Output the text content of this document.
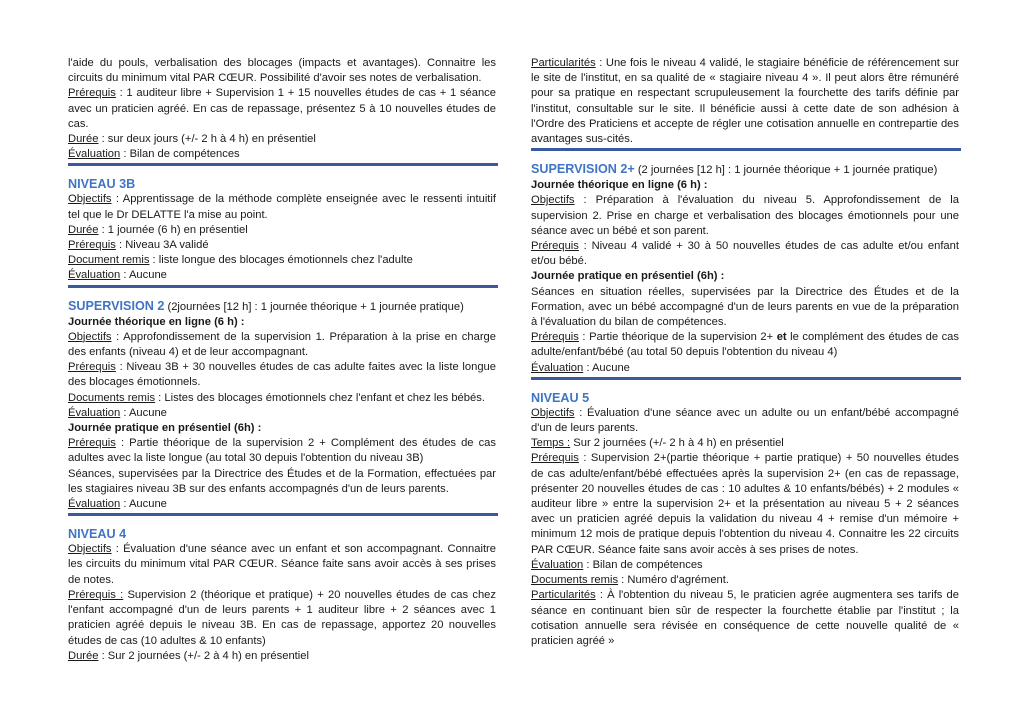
l'aide du pouls, verbalisation des blocages (impacts et avantages). Connaitre les circuits du minimum vital PAR CŒUR. Possibilité d'avoir ses notes de verbalisation.

Prérequis : 1 auditeur libre + Supervision 1 + 15 nouvelles études de cas + 1 séance avec un praticien agréé. En cas de repassage, présentez 5 à 10 nouvelles études de cas.

Durée : sur deux jours (+/- 2 h à 4 h) en présentiel

Évaluation : Bilan de compétences

NIVEAU 3B

Objectifs : Apprentissage de la méthode complète enseignée avec le ressenti intuitif tel que le Dr DELATTE l'a mise au point.

Durée : 1 journée (6 h) en présentiel

Prérequis : Niveau 3A validé

Document remis : liste longue des blocages émotionnels chez l'adulte

Évaluation : Aucune

SUPERVISION 2 (2journées [12 h] : 1 journée théorique + 1 journée pratique)

Journée théorique en ligne (6 h) :

Objectifs : Approfondissement de la supervision 1. Préparation à la prise en charge des enfants (niveau 4) et de leur accompagnant.

Prérequis : Niveau 3B + 30 nouvelles études de cas adulte faites avec la liste longue des blocages émotionnels.

Documents remis : Listes des blocages émotionnels chez l'enfant et chez les bébés.

Évaluation : Aucune

Journée pratique en présentiel (6h) :

Prérequis : Partie théorique de la supervision 2 + Complément des études de cas adultes avec la liste longue (au total 30 depuis l'obtention du niveau 3B)

Séances, supervisées par la Directrice des Études et de la Formation, effectuées par les stagiaires niveau 3B sur des enfants accompagnés d'un de leurs parents.

Évaluation : Aucune

NIVEAU 4

Objectifs : Évaluation d'une séance avec un enfant et son accompagnant. Connaitre les circuits du minimum vital PAR CŒUR. Séance faite sans avoir accès à ses prises de notes.

Prérequis : Supervision 2 (théorique et pratique) + 20 nouvelles études de cas chez l'enfant accompagné d'un de leurs parents + 1 auditeur libre + 2 séances avec 1 praticien agréé depuis le niveau 3B. En cas de repassage, apportez 20 nouvelles études de cas (10 adultes & 10 enfants)

Durée : Sur 2 journées (+/- 2 à 4 h) en présentiel

Particularités : Une fois le niveau 4 validé, le stagiaire bénéficie de référencement sur le site de l'institut, en sa qualité de « stagiaire niveau 4 ». Il peut alors être rémunéré pour sa pratique en respectant scrupuleusement la fourchette des tarifs définie par l'institut, consultable sur le site. Il bénéficie aussi à cette date de son adhésion à l'Ordre des Praticiens et accepte de régler une cotisation annuelle en contrepartie des avantages sus-cités.

SUPERVISION 2+ (2 journées [12 h] : 1 journée théorique + 1 journée pratique)

Journée théorique en ligne (6 h) :

Objectifs : Préparation à l'évaluation du niveau 5. Approfondissement de la supervision 2. Prise en charge et verbalisation des blocages émotionnels pour une séance avec un bébé et son parent.

Prérequis : Niveau 4 validé + 30 à 50 nouvelles études de cas adulte et/ou enfant et/ou bébé.

Journée pratique en présentiel (6h) :

Séances en situation réelles, supervisées par la Directrice des Études et de la Formation, avec un bébé accompagné d'un de leurs parents en vue de la préparation à l'évaluation du bilan de compétences.

Prérequis : Partie théorique de la supervision 2+ et le complément des études de cas adulte/enfant/bébé (au total 50 depuis l'obtention du niveau 4)

Évaluation : Aucune

NIVEAU 5

Objectifs : Évaluation d'une séance avec un adulte ou un enfant/bébé accompagné d'un de leurs parents.

Temps : Sur 2 journées (+/- 2 h à 4 h) en présentiel

Prérequis : Supervision 2+(partie théorique + partie pratique) + 50 nouvelles études de cas adulte/enfant/bébé effectuées après la supervision 2+ (en cas de repassage, présenter 20 nouvelles études de cas : 10 adultes & 10 enfants/bébés) + 2 modules « auditeur libre » entre la supervision 2+ et la présentation au niveau 5 + 2 séances avec un praticien agréé depuis la validation du niveau 4 + remise d'un mémoire + minimum 12 mois de pratique depuis l'obtention du niveau 4. Connaitre les 22 circuits PAR CŒUR. Séance faite sans avoir accès à ses prises de notes.

Évaluation : Bilan de compétences

Documents remis : Numéro d'agrément.

Particularités : À l'obtention du niveau 5, le praticien agrée augmentera ses tarifs de séance en continuant bien sûr de respecter la fourchette établie par l'institut ; la cotisation annuelle sera révisée en conséquence de cette nouvelle qualité de « praticien agréé »
